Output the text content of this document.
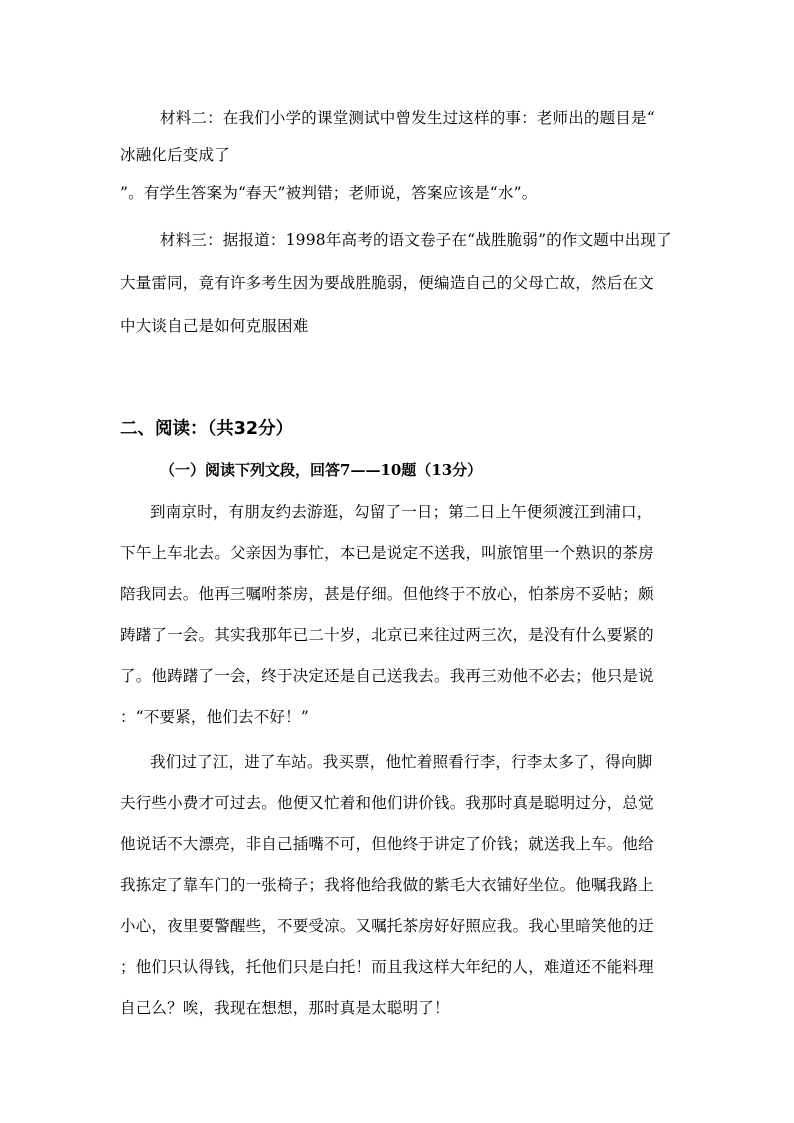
材料二：在我们小学的课堂测试中曾发生过这样的事：老师出的题目是“
冰融化后变成了
”。有学生答案为“春天”被判错；老师说，答案应该是“水”。
材料三：据报道：1998年高考的语文卷子在“战胜脆弱”的作文题中出现了
大量雷同，竟有许多考生因为要战胜脆弱，便编造自己的父母亡故，然后在文
中大谈自己是如何克服困难
二、阅读：（共32分）
（一）阅读下列文段，回答7——10题（13分）
到南京时，有朋友约去游逛，勾留了一日；第二日上午便须渡江到浦口，
下午上车北去。父亲因为事忙，本已是说定不送我，叫旅馆里一个熟识的茶房
陪我同去。他再三嘱咐茶房，甚是仔细。但他终于不放心，怕茶房不妥帖；颇
踌躇了一会。其实我那年已二十岁，北京已来往过两三次，是没有什么要紧的
了。他踌躇了一会，终于决定还是自己送我去。我再三劝他不必去；他只是说
：“不要紧，他们去不好！”
我们过了江，进了车站。我买票，他忙着照看行李，行李太多了，得向脚
夫行些小费才可过去。他便又忙着和他们讲价钱。我那时真是聪明过分，总觉
他说话不大漂亮，非自己插嘴不可，但他终于讲定了价钱；就送我上车。他给
我拣定了靠车门的一张椅子；我将他给我做的紫毛大衣铺好坐位。他嘱我路上
小心，夜里要警醒些，不要受凉。又嘱托茶房好好照应我。我心里暗笑他的迂
；他们只认得钱，托他们只是白托！而且我这样大年纪的人，难道还不能料理
自己么？唉，我现在想想，那时真是太聪明了！
